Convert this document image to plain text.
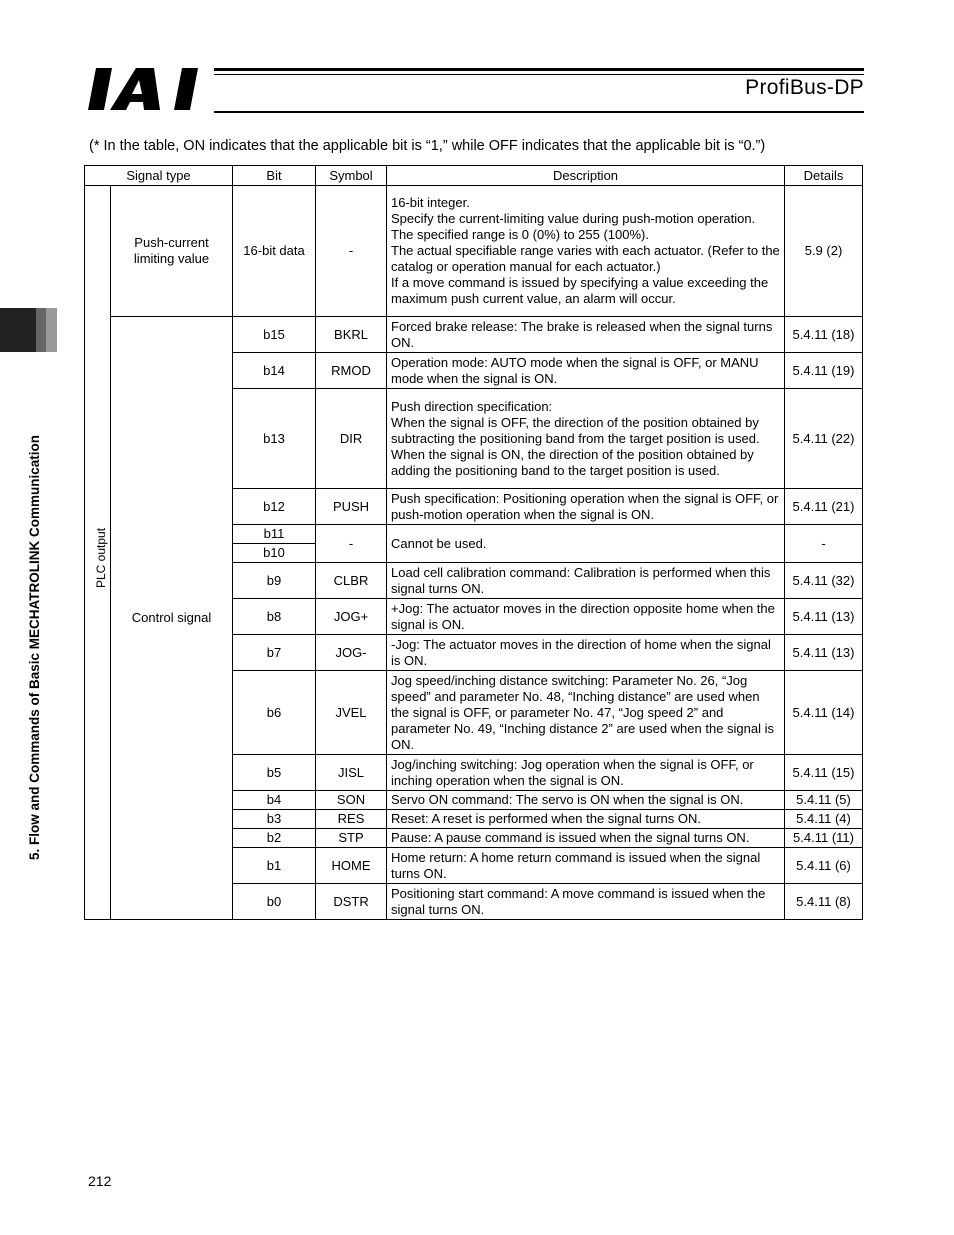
ProfiBus-DP
5. Flow and Commands of Basic MECHATROLINK Communication
(* In the table, ON indicates that the applicable bit is “1,” while OFF indicates that the applicable bit is “0.”)
Signal type		Bit	Symbol	Description	Details

PLC output	Push-current limiting value	16-bit data	-	16-bit integer.
Specify the current-limiting value during push-motion operation.
The specified range is 0 (0%) to 255 (100%).
The actual specifiable range varies with each actuator. (Refer to the catalog or operation manual for each actuator.)
If a move command is issued by specifying a value exceeding the maximum push current value, an alarm will occur.	5.9 (2)
	Control signal	b15	BKRL	Forced brake release: The brake is released when the signal turns ON.	5.4.11 (18)
		b14	RMOD	Operation mode: AUTO mode when the signal is OFF, or MANU mode when the signal is ON.	5.4.11 (19)
		b13	DIR	Push direction specification:
When the signal is OFF, the direction of the position obtained by subtracting the positioning band from the target position is used.
When the signal is ON, the direction of the position obtained by adding the positioning band to the target position is used.	5.4.11 (22)
		b12	PUSH	Push specification: Positioning operation when the signal is OFF, or push-motion operation when the signal is ON.	5.4.11 (21)
		b11	-	Cannot be used.	-
		b10			
		b9	CLBR	Load cell calibration command: Calibration is performed when this signal turns ON.	5.4.11 (32)
		b8	JOG+	+Jog: The actuator moves in the direction opposite home when the signal is ON.	5.4.11 (13)
		b7	JOG-	-Jog: The actuator moves in the direction of home when the signal is ON.	5.4.11 (13)
		b6	JVEL	Jog speed/inching distance switching: Parameter No. 26, “Jog speed” and parameter No. 48, “Inching distance” are used when the signal is OFF, or parameter No. 47, “Jog speed 2” and parameter No. 49, “Inching distance 2” are used when the signal is ON.	5.4.11 (14)
		b5	JISL	Jog/inching switching: Jog operation when the signal is OFF, or inching operation when the signal is ON.	5.4.11 (15)
		b4	SON	Servo ON command: The servo is ON when the signal is ON.	5.4.11 (5)
		b3	RES	Reset: A reset is performed when the signal turns ON.	5.4.11 (4)
		b2	STP	Pause: A pause command is issued when the signal turns ON.	5.4.11 (11)
		b1	HOME	Home return: A home return command is issued when the signal turns ON.	5.4.11 (6)
		b0	DSTR	Positioning start command: A move command is issued when the signal turns ON.	5.4.11 (8)
212
